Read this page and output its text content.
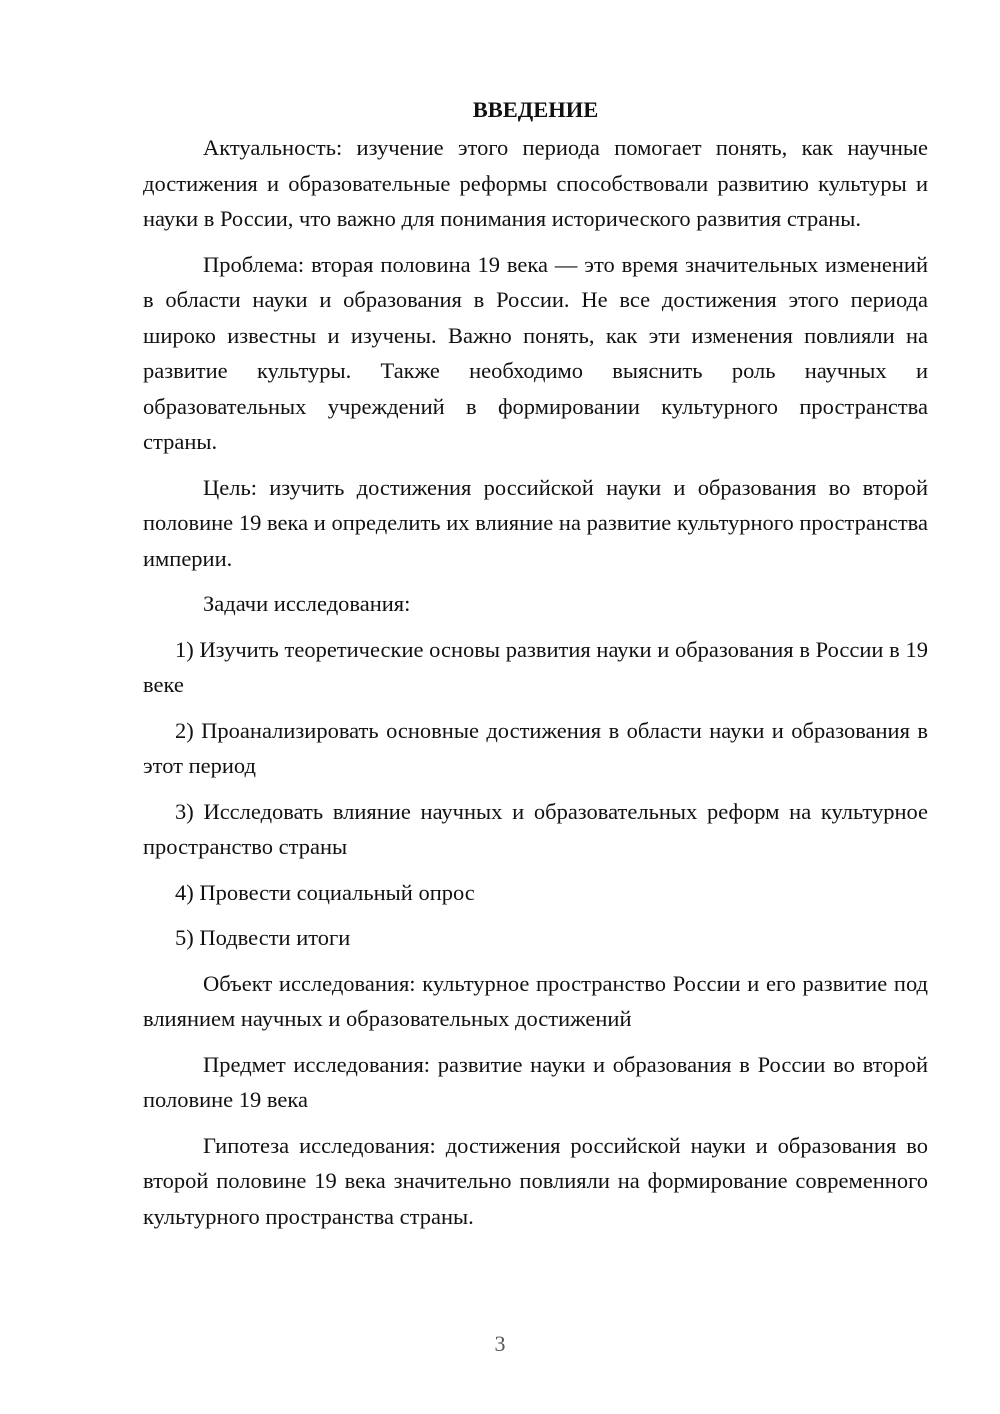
ВВЕДЕНИЕ

Актуальность: изучение этого периода помогает понять, как научные достижения и образовательные реформы способствовали развитию культуры и науки в России, что важно для понимания исторического развития страны.

Проблема: вторая половина 19 века — это время значительных изменений в области науки и образования в России. Не все достижения этого периода широко известны и изучены. Важно понять, как эти изменения повлияли на развитие культуры. Также необходимо выяснить роль научных и образовательных учреждений в формировании культурного пространства страны.

Цель: изучить достижения российской науки и образования во второй половине 19 века и определить их влияние на развитие культурного пространства империи.

Задачи исследования:

1) Изучить теоретические основы развития науки и образования в России в 19 веке

2) Проанализировать основные достижения в области науки и образования в этот период

3) Исследовать влияние научных и образовательных реформ на культурное пространство страны

4) Провести социальный опрос

5) Подвести итоги

Объект исследования: культурное пространство России и его развитие под влиянием научных и образовательных достижений

Предмет исследования: развитие науки и образования в России во второй половине 19 века

Гипотеза исследования: достижения российской науки и образования во второй половине 19 века значительно повлияли на формирование современного культурного пространства страны.

3
